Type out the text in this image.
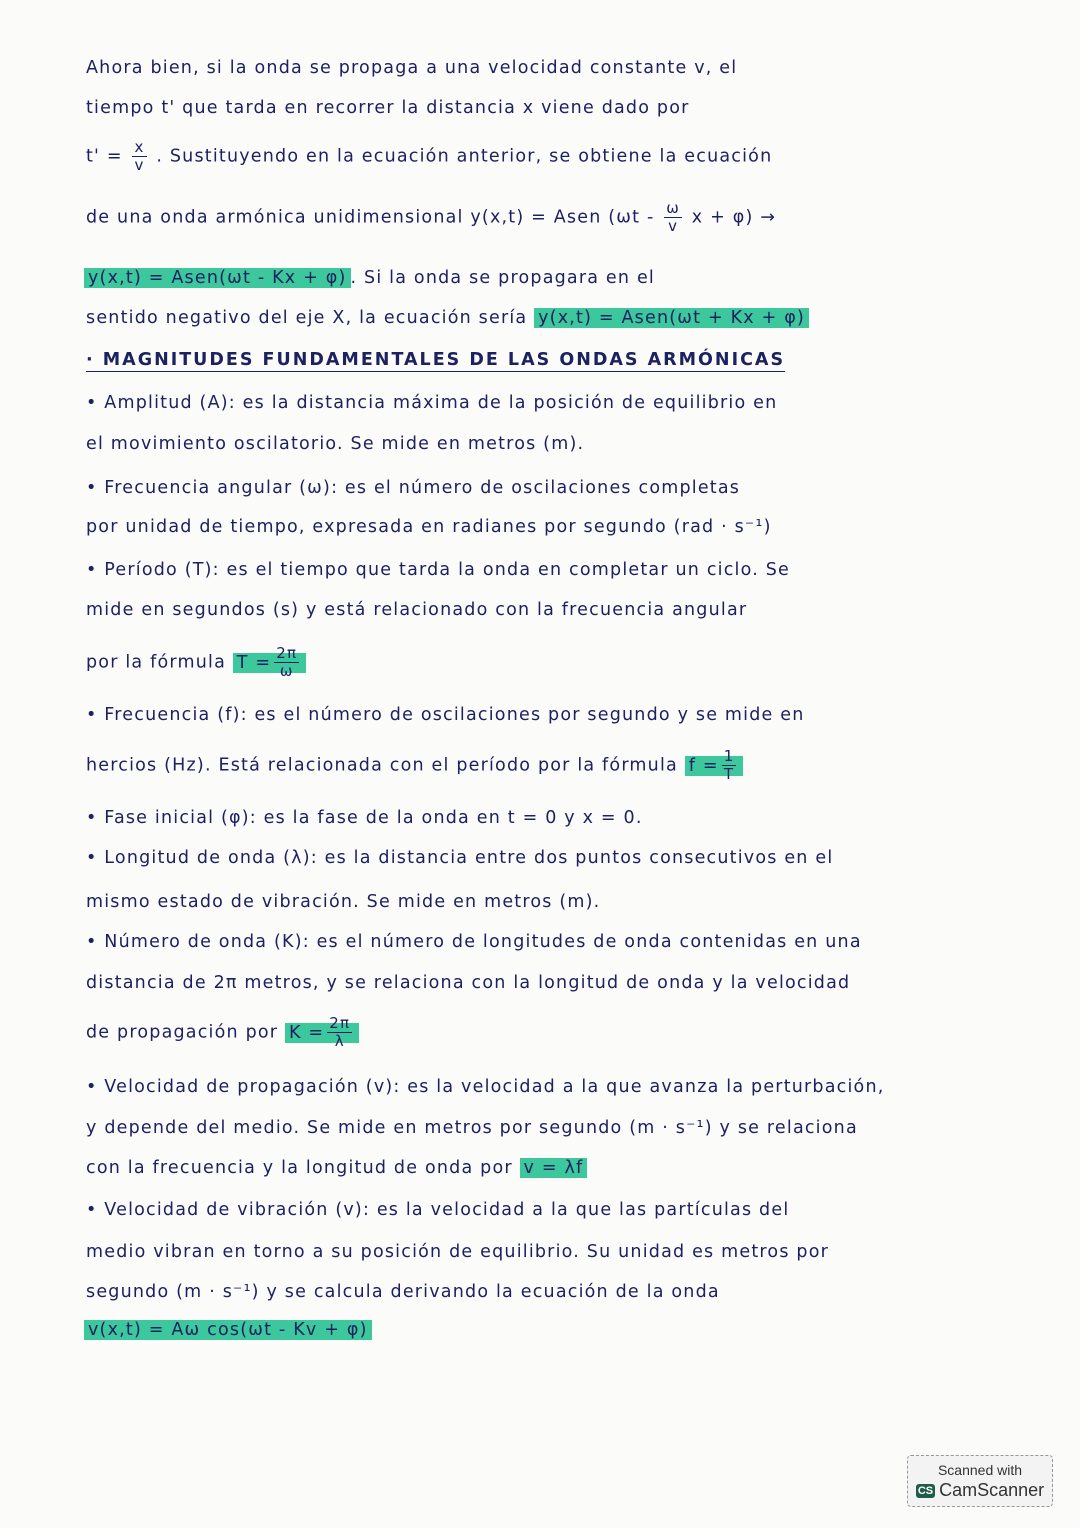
Ahora bien, si la onda se propaga a una velocidad constante v, el
tiempo t' que tarda en recorrer la distancia x viene dado por
$t' = \frac{x}{v}$ . Sustituyendo en la ecuación anterior, se obtiene la ecuación
de una onda armónica unidimensional y(x,t) = Asen ($\omega t - \frac{\omega}{v}$ x + φ) →
y(x,t) = Asen(ωt - Kx + φ) . Si la onda se propagara en el
sentido negativo del eje X, la ecuación sería y(x,t) = Asen(ωt + Kx + φ)
· MAGNITUDES FUNDAMENTALES DE LAS ONDAS ARMÓNICAS
• Amplitud (A): es la distancia máxima de la posición de equilibrio en
el movimiento oscilatorio. Se mide en metros (m).
• Frecuencia angular (ω): es el número de oscilaciones completas
por unidad de tiempo, expresada en radianes por segundo (rad · s⁻¹)
• Período (T): es el tiempo que tarda la onda en completar un ciclo. Se
mide en segundos (s) y está relacionado con la frecuencia angular
por la fórmula $T = \frac{2\pi}{\omega}$
• Frecuencia (f): es el número de oscilaciones por segundo y se mide en
hercios (Hz). Está relacionada con el período por la fórmula $f = \frac{1}{T}$
• Fase inicial (φ): es la fase de la onda en t = 0 y x = 0.
• Longitud de onda (λ): es la distancia entre dos puntos consecutivos en el
mismo estado de vibración. Se mide en metros (m).
• Número de onda (K): es el número de longitudes de onda contenidas en una
distancia de 2π metros, y se relaciona con la longitud de onda y la velocidad
de propagación por $K = \frac{2\pi}{\lambda}$
• Velocidad de propagación (v): es la velocidad a la que avanza la perturbación,
y depende del medio. Se mide en metros por segundo (m · s⁻¹) y se relaciona
con la frecuencia y la longitud de onda por v = λf
• Velocidad de vibración (v): es la velocidad a la que las partículas del
medio vibran en torno a su posición de equilibrio. Su unidad es metros por
segundo (m · s⁻¹) y se calcula derivando la ecuación de la onda
v(x,t) = Aω cos(ωt - Kv + φ)
Scanned with
CS CamScanner
